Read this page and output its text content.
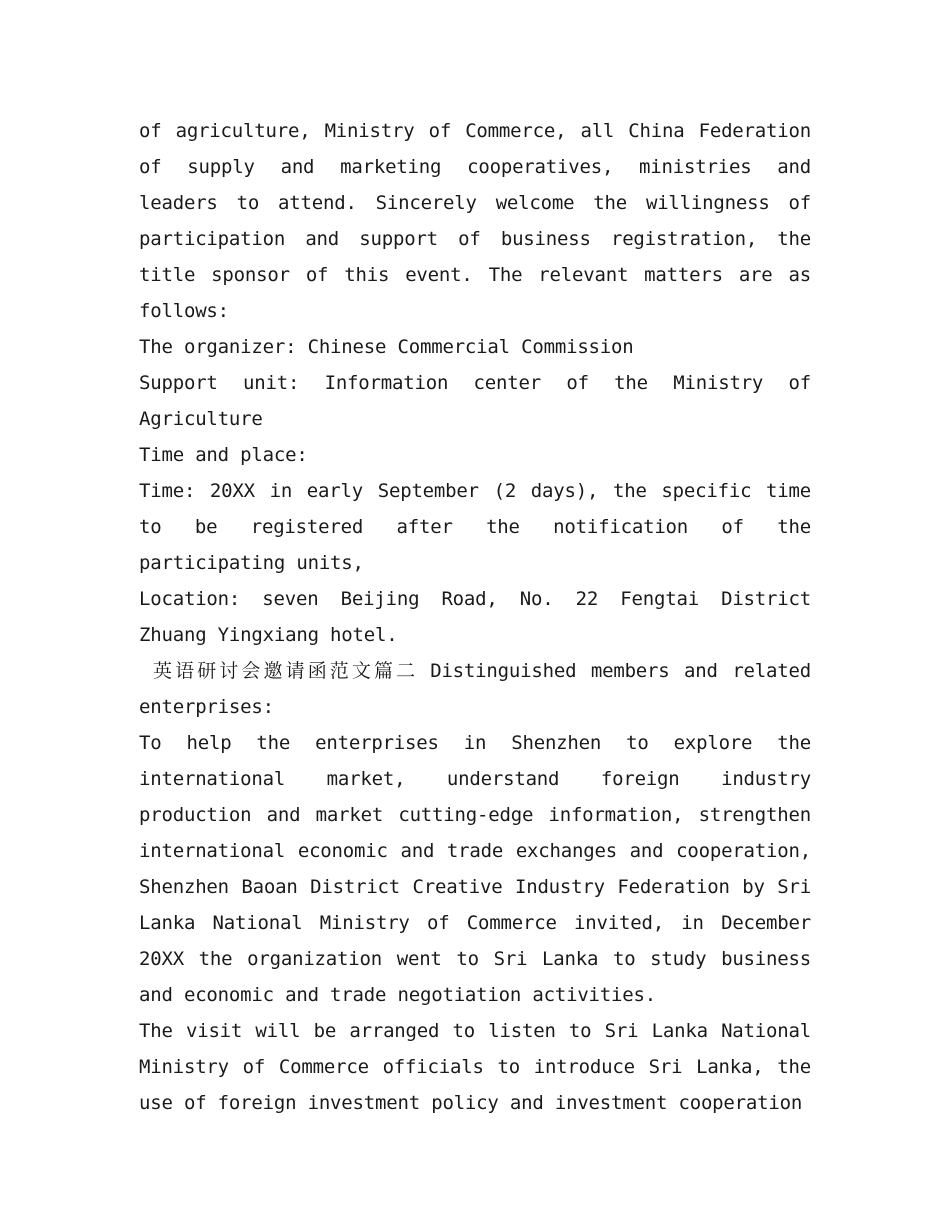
of agriculture, Ministry of Commerce, all China Federation of supply and marketing cooperatives, ministries and leaders to attend. Sincerely welcome the willingness of participation and support of business registration, the title sponsor of this event. The relevant matters are as follows:

The organizer: Chinese Commercial Commission

Support unit: Information center of the Ministry of Agriculture

Time and place:

Time: 20XX in early September (2 days), the specific time to be registered after the notification of the participating units,

Location: seven Beijing Road, No. 22 Fengtai District Zhuang Yingxiang hotel.

英语研讨会邀请函范文篇二 Distinguished members and related enterprises:

To help the enterprises in Shenzhen to explore the international market, understand foreign industry production and market cutting-edge information, strengthen international economic and trade exchanges and cooperation, Shenzhen Baoan District Creative Industry Federation by Sri Lanka National Ministry of Commerce invited, in December 20XX the organization went to Sri Lanka to study business and economic and trade negotiation activities.

The visit will be arranged to listen to Sri Lanka National Ministry of Commerce officials to introduce Sri Lanka, the use of foreign investment policy and investment cooperation
